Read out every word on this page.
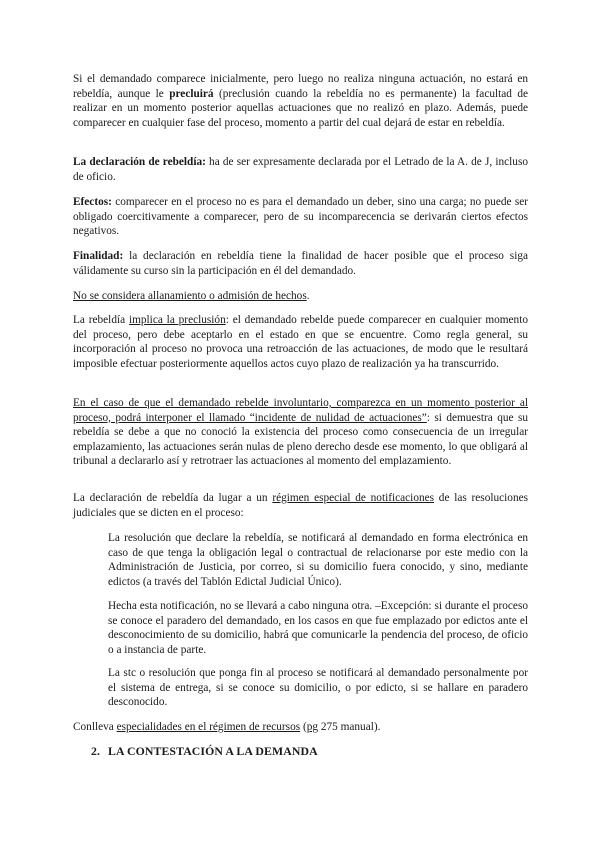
Si el demandado comparece inicialmente, pero luego no realiza ninguna actuación, no estará en rebeldía, aunque le precluirá (preclusión cuando la rebeldía no es permanente) la facultad de realizar en un momento posterior aquellas actuaciones que no realizó en plazo. Además, puede comparecer en cualquier fase del proceso, momento a partir del cual dejará de estar en rebeldía.

La declaración de rebeldía: ha de ser expresamente declarada por el Letrado de la A. de J, incluso de oficio.

Efectos: comparecer en el proceso no es para el demandado un deber, sino una carga; no puede ser obligado coercitivamente a comparecer, pero de su incomparecencia se derivarán ciertos efectos negativos.

Finalidad: la declaración en rebeldía tiene la finalidad de hacer posible que el proceso siga válidamente su curso sin la participación en él del demandado.

No se considera allanamiento o admisión de hechos.

La rebeldía implica la preclusión: el demandado rebelde puede comparecer en cualquier momento del proceso, pero debe aceptarlo en el estado en que se encuentre. Como regla general, su incorporación al proceso no provoca una retroacción de las actuaciones, de modo que le resultará imposible efectuar posteriormente aquellos actos cuyo plazo de realización ya ha transcurrido.

En el caso de que el demandado rebelde involuntario, comparezca en un momento posterior al proceso, podrá interponer el llamado “incidente de nulidad de actuaciones”: si demuestra que su rebeldía se debe a que no conoció la existencia del proceso como consecuencia de un irregular emplazamiento, las actuaciones serán nulas de pleno derecho desde ese momento, lo que obligará al tribunal a declararlo así y retrotraer las actuaciones al momento del emplazamiento.

La declaración de rebeldía da lugar a un régimen especial de notificaciones de las resoluciones judiciales que se dicten en el proceso:

La resolución que declare la rebeldía, se notificará al demandado en forma electrónica en caso de que tenga la obligación legal o contractual de relacionarse por este medio con la Administración de Justicia, por correo, si su domicilio fuera conocido, y sino, mediante edictos (a través del Tablón Edictal Judicial Único).

Hecha esta notificación, no se llevará a cabo ninguna otra. –Excepción: si durante el proceso se conoce el paradero del demandado, en los casos en que fue emplazado por edictos ante el desconocimiento de su domicilio, habrá que comunicarle la pendencia del proceso, de oficio o a instancia de parte.

La stc o resolución que ponga fin al proceso se notificará al demandado personalmente por el sistema de entrega, si se conoce su domicilio, o por edicto, si se hallare en paradero desconocido.

Conlleva especialidades en el régimen de recursos (pg 275 manual).

2. LA CONTESTACIÓN A LA DEMANDA
